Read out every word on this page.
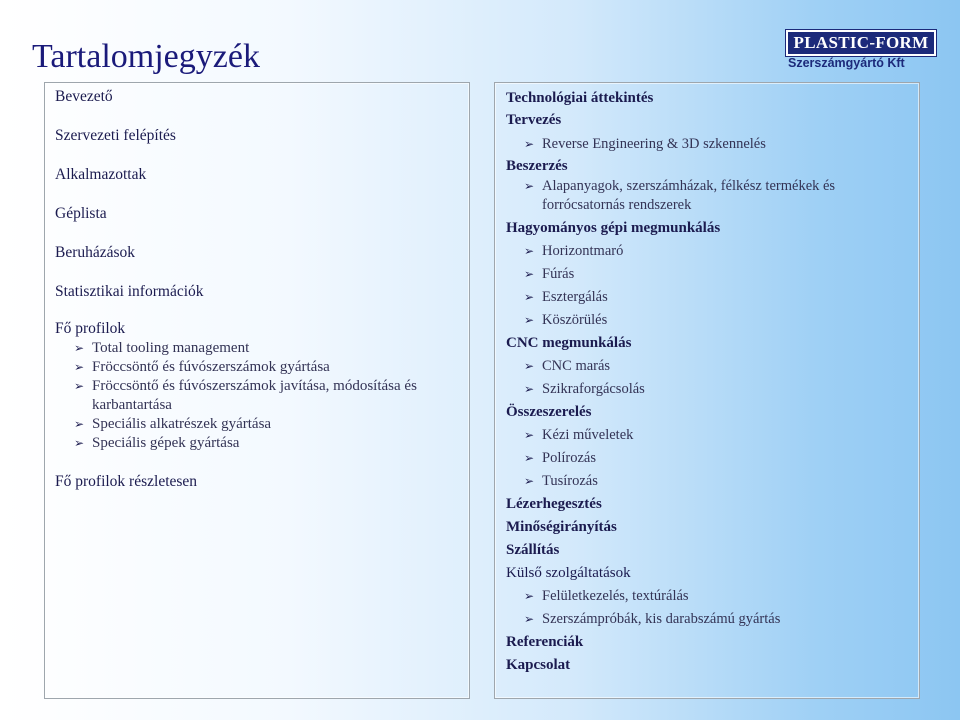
Tartalomjegyzék	PLASTIC-FORM
Szerszámgyártó Kft
Bevezető
Szervezeti felépítés
Alkalmazottak
Géplista
Beruházások
Statisztikai információk
Fő profilok
➢ Total tooling management
➢ Fröccsöntő és fúvószerszámok gyártása
➢ Fröccsöntő és fúvószerszámok javítása, módosítása és
karbantartása
➢ Speciális alkatrészek gyártása
➢ Speciális gépek gyártása
Fő profilok részletesen
Technológiai áttekintés
Tervezés
➢ Reverse Engineering & 3D szkennelés
Beszerzés
➢ Alapanyagok, szerszámházak, félkész termékek és
forrócsatornás rendszerek
Hagyományos gépi megmunkálás
➢ Horizontmaró
➢ Fúrás
➢ Esztergálás
➢ Köszörülés
CNC megmunkálás
➢ CNC marás
➢ Szikraforgácsolás
Összeszerelés
➢ Kézi műveletek
➢ Polírozás
➢ Tusírozás
Lézerhegesztés
Minőségirányítás
Szállítás
Külső szolgáltatások
➢ Felületkezelés, textúrálás
➢ Szerszámpróbák, kis darabszámú gyártás
Referenciák
Kapcsolat
